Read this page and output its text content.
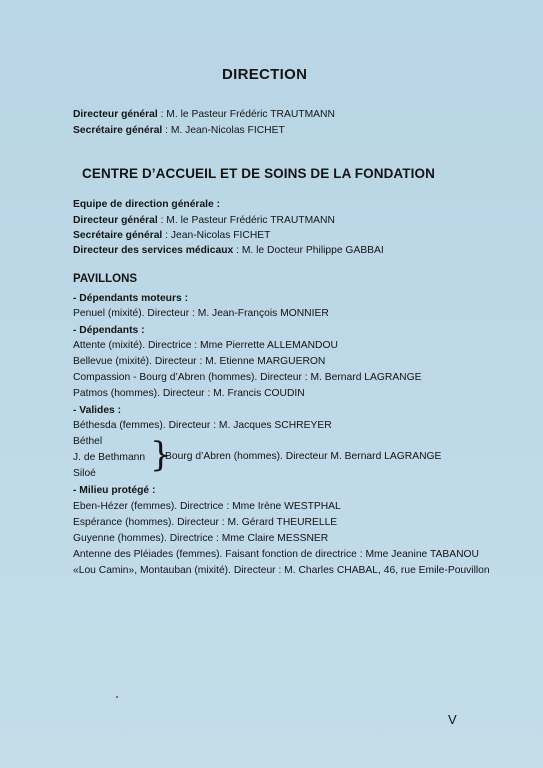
DIRECTION
Directeur général : M. le Pasteur Frédéric TRAUTMANN
Secrétaire général : M. Jean-Nicolas FICHET
CENTRE D’ACCUEIL ET DE SOINS DE LA FONDATION
Equipe de direction générale :
Directeur général : M. le Pasteur Frédéric TRAUTMANN
Secrétaire général : Jean-Nicolas FICHET
Directeur des services médicaux : M. le Docteur Philippe GABBAI
PAVILLONS
- Dépendants moteurs :
Penuel (mixité). Directeur : M. Jean-François MONNIER
- Dépendants :
Attente (mixité). Directrice : Mme Pierrette ALLEMANDOU
Bellevue (mixité). Directeur : M. Etienne MARGUERON
Compassion - Bourg d’Abren (hommes). Directeur : M. Bernard LAGRANGE
Patmos (hommes). Directeur : M. Francis COUDIN
- Valides :
Béthesda (femmes). Directeur : M. Jacques SCHREYER
Béthel
J. de Bethmann
Siloé }
Bourg d’Abren (hommes). Directeur M. Bernard LAGRANGE
- Milieu protégé :
Eben-Hézer (femmes). Directrice : Mme Irène WESTPHAL
Espérance (hommes). Directeur : M. Gérard THEURELLE
Guyenne (hommes). Directrice : Mme Claire MESSNER
Antenne des Pléiades (femmes). Faisant fonction de directrice : Mme Jeanine TABANOU
«Lou Camin», Montauban (mixité). Directeur : M. Charles CHABAL, 46, rue Emile-Pouvillon
V
